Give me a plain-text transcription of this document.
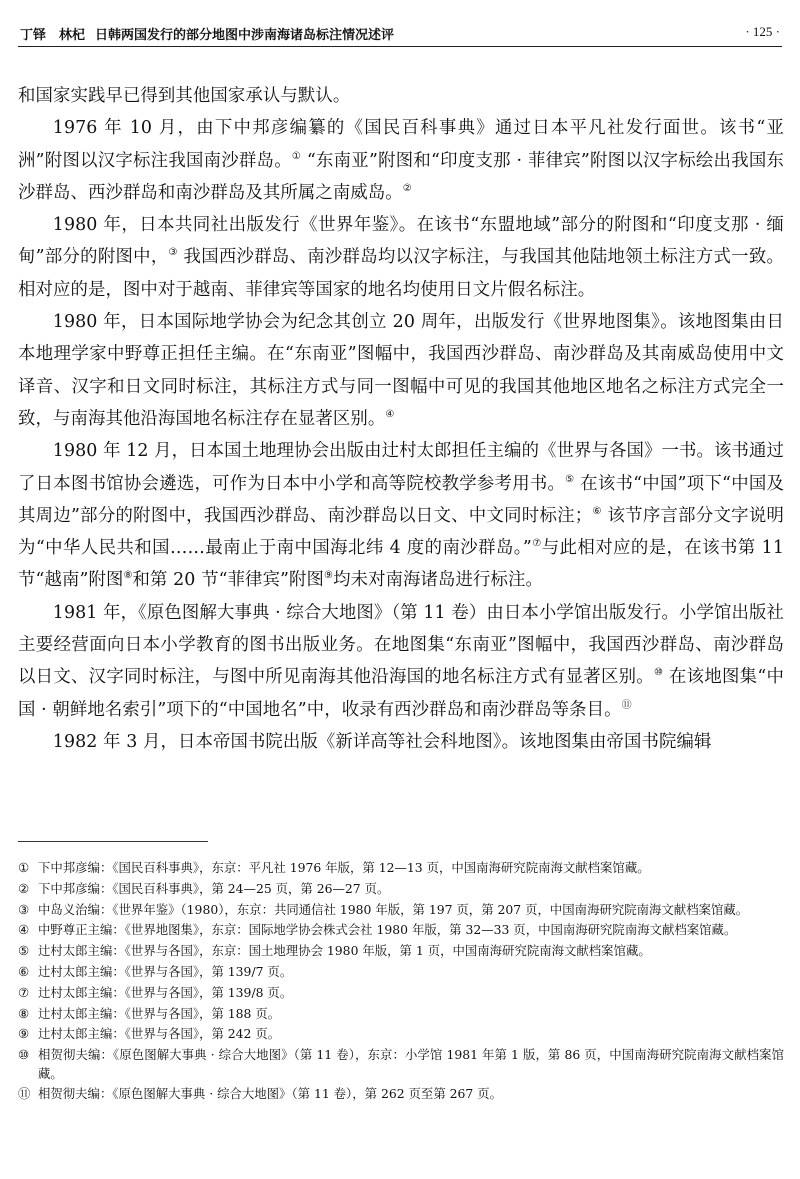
丁铎　林杞 日韩两国发行的部分地图中涉南海诸岛标注情况述评	· 125 ·

和国家实践早已得到其他国家承认与默认。

1976 年 10 月，由下中邦彦编纂的《国民百科事典》通过日本平凡社发行面世。该书“亚洲”附图以汉字标注我国南沙群岛。① “东南亚”附图和“印度支那 · 菲律宾”附图以汉字标绘出我国东沙群岛、西沙群岛和南沙群岛及其所属之南威岛。②

1980 年，日本共同社出版发行《世界年鉴》。在该书“东盟地域”部分的附图和“印度支那 · 缅甸”部分的附图中，③ 我国西沙群岛、南沙群岛均以汉字标注，与我国其他陆地领土标注方式一致。相对应的是，图中对于越南、菲律宾等国家的地名均使用日文片假名标注。

1980 年，日本国际地学协会为纪念其创立 20 周年，出版发行《世界地图集》。该地图集由日本地理学家中野尊正担任主编。在“东南亚”图幅中，我国西沙群岛、南沙群岛及其南威岛使用中文译音、汉字和日文同时标注，其标注方式与同一图幅中可见的我国其他地区地名之标注方式完全一致，与南海其他沿海国地名标注存在显著区别。④

1980 年 12 月，日本国土地理协会出版由辻村太郎担任主编的《世界与各国》一书。该书通过了日本图书馆协会遴选，可作为日本中小学和高等院校教学参考用书。⑤ 在该书“中国”项下“中国及其周边”部分的附图中，我国西沙群岛、南沙群岛以日文、中文同时标注；⑥ 该节序言部分文字说明为“中华人民共和国……最南止于南中国海北纬 4 度的南沙群岛。”⑦与此相对应的是，在该书第 11 节“越南”附图⑧和第 20 节“菲律宾”附图⑨均未对南海诸岛进行标注。

1981 年，《原色图解大事典 · 综合大地图》（第 11 卷）由日本小学馆出版发行。小学馆出版社主要经营面向日本小学教育的图书出版业务。在地图集“东南亚”图幅中，我国西沙群岛、南沙群岛以日文、汉字同时标注，与图中所见南海其他沿海国的地名标注方式有显著区别。⑩ 在该地图集“中国 · 朝鲜地名索引”项下的“中国地名”中，收录有西沙群岛和南沙群岛等条目。⑪

1982 年 3 月，日本帝国书院出版《新详高等社会科地图》。该地图集由帝国书院编辑

① 下中邦彦编：《国民百科事典》，东京：平凡社 1976 年版，第 12—13 页，中国南海研究院南海文献档案馆藏。
② 下中邦彦编：《国民百科事典》，第 24—25 页，第 26—27 页。
③ 中岛义治编：《世界年鉴》（1980），东京：共同通信社 1980 年版，第 197 页，第 207 页，中国南海研究院南海文献档案馆藏。
④ 中野尊正主编：《世界地图集》，东京：国际地学协会株式会社 1980 年版，第 32—33 页，中国南海研究院南海文献档案馆藏。
⑤ 辻村太郎主编：《世界与各国》，东京：国土地理协会 1980 年版，第 1 页，中国南海研究院南海文献档案馆藏。
⑥ 辻村太郎主编：《世界与各国》，第 139/7 页。
⑦ 辻村太郎主编：《世界与各国》，第 139/8 页。
⑧ 辻村太郎主编：《世界与各国》，第 188 页。
⑨ 辻村太郎主编：《世界与各国》，第 242 页。
⑩ 相贺彻夫编：《原色图解大事典 · 综合大地图》（第 11 卷），东京：小学馆 1981 年第 1 版，第 86 页，中国南海研究院南海文献档案馆藏。
⑪ 相贺彻夫编：《原色图解大事典 · 综合大地图》（第 11 卷），第 262 页至第 267 页。
